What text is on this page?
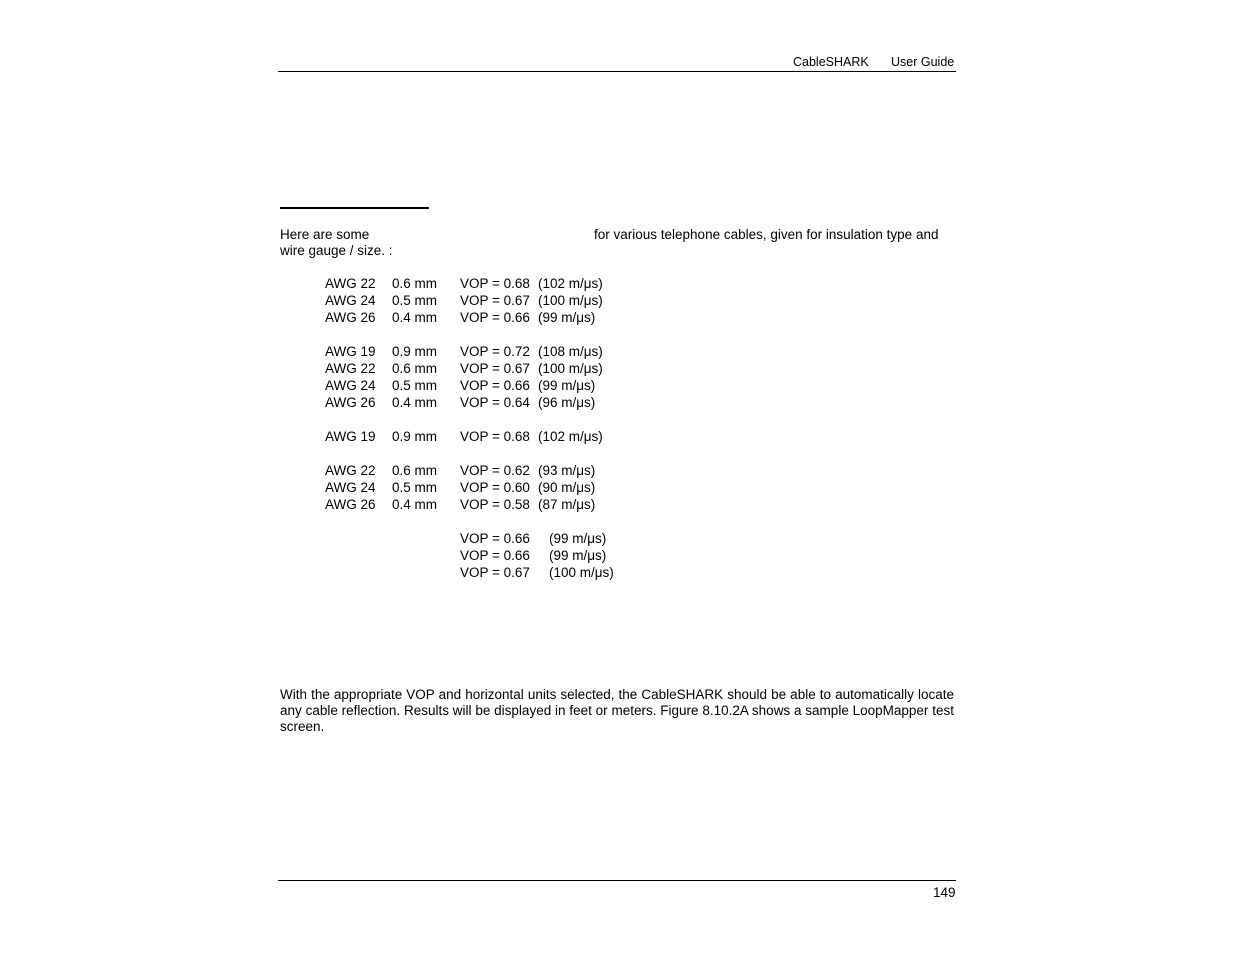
CableSHARK User Guide
Here are some	for various telephone cables, given for insulation type and
wire gauge / size. :
AWG 22 0.6 mm VOP = 0.68 (102 m/μs)
AWG 24 0.5 mm VOP = 0.67 (100 m/μs)
AWG 26 0.4 mm VOP = 0.66 (99 m/μs)
AWG 19 0.9 mm VOP = 0.72 (108 m/μs)
AWG 22 0.6 mm VOP = 0.67 (100 m/μs)
AWG 24 0.5 mm VOP = 0.66 (99 m/μs)
AWG 26 0.4 mm VOP = 0.64 (96 m/μs)
AWG 19 0.9 mm VOP = 0.68 (102 m/μs)
AWG 22 0.6 mm VOP = 0.62 (93 m/μs)
AWG 24 0.5 mm VOP = 0.60 (90 m/μs)
AWG 26 0.4 mm VOP = 0.58 (87 m/μs)
VOP = 0.66 (99 m/μs)
VOP = 0.66 (99 m/μs)
VOP = 0.67 (100 m/μs)

With the appropriate VOP and horizontal units selected, the CableSHARK should be able to automatically locate any cable reflection. Results will be displayed in feet or meters. Figure 8.10.2A shows a sample LoopMapper test screen.

149
